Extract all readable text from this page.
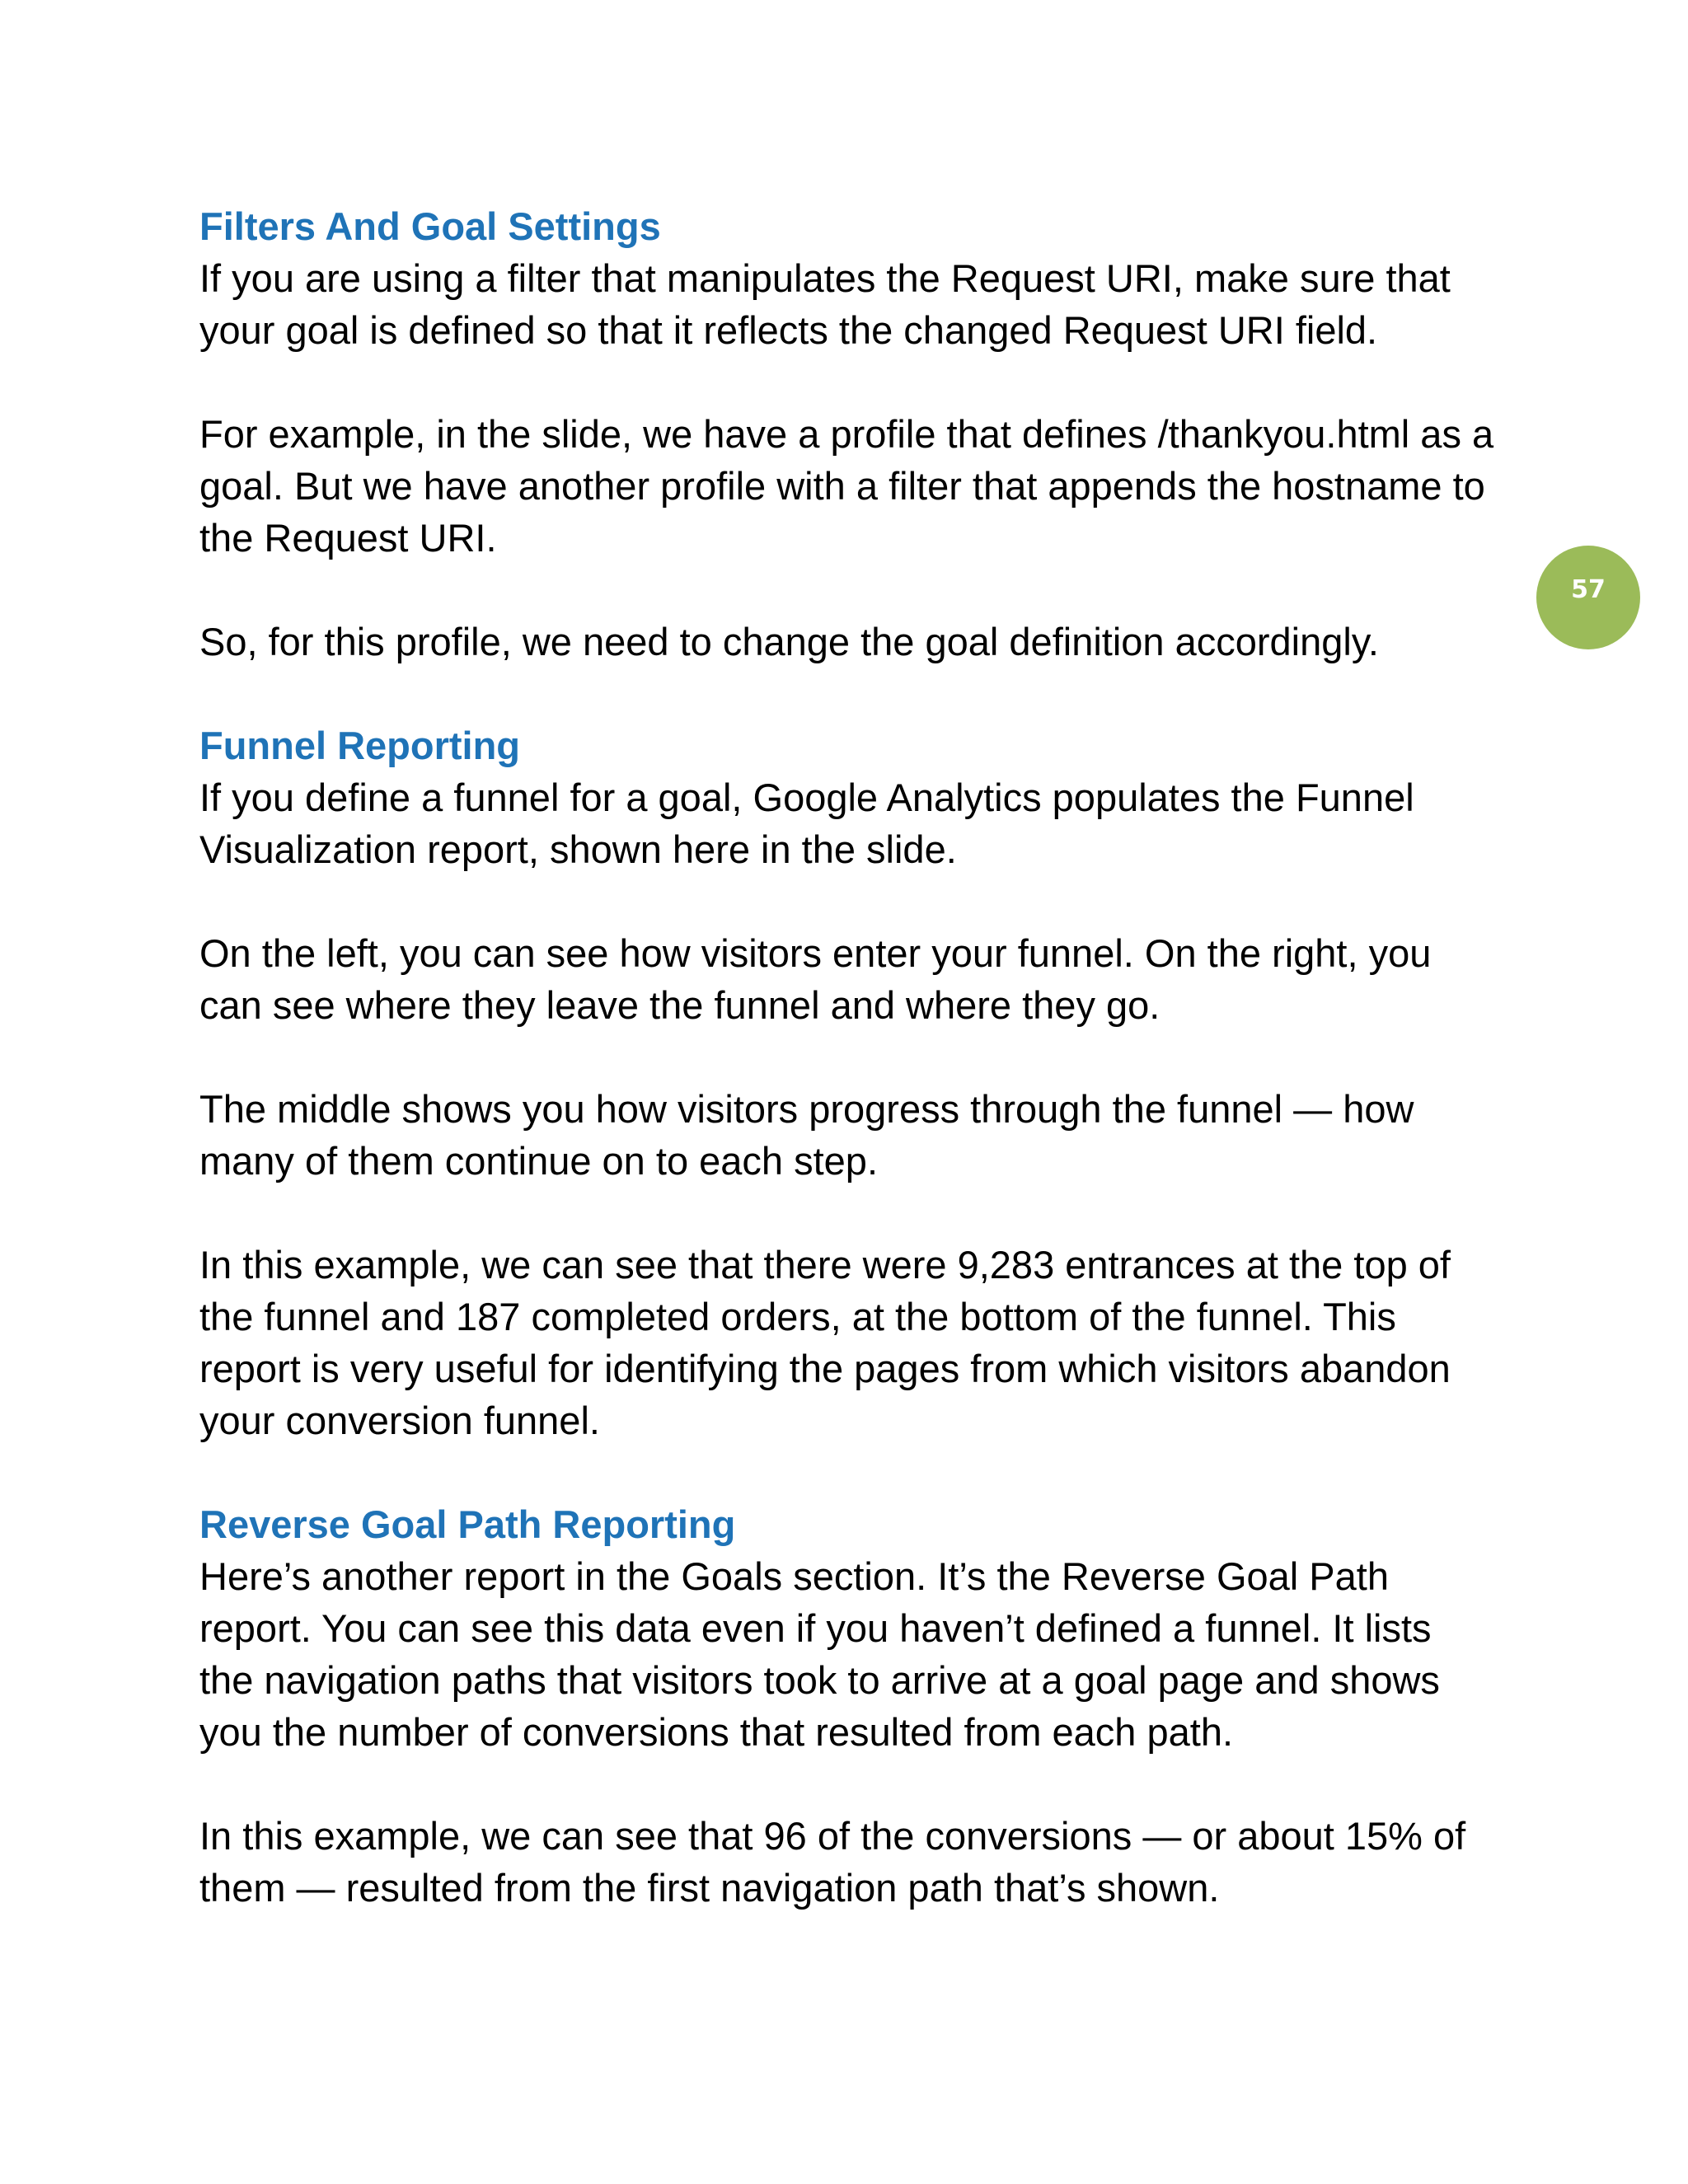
57
Filters And Goal Settings

If you are using a filter that manipulates the Request URI, make sure that
your goal is defined so that it reflects the changed Request URI field.

For example, in the slide, we have a profile that defines /thankyou.html as a
goal. But we have another profile with a filter that appends the hostname to
the Request URI.

So, for this profile, we need to change the goal definition accordingly.

Funnel Reporting

If you define a funnel for a goal, Google Analytics populates the Funnel
Visualization report, shown here in the slide.

On the left, you can see how visitors enter your funnel. On the right, you
can see where they leave the funnel and where they go.

The middle shows you how visitors progress through the funnel — how
many of them continue on to each step.

In this example, we can see that there were 9,283 entrances at the top of
the funnel and 187 completed orders, at the bottom of the funnel. This
report is very useful for identifying the pages from which visitors abandon
your conversion funnel.

Reverse Goal Path Reporting

Here’s another report in the Goals section. It’s the Reverse Goal Path
report. You can see this data even if you haven’t defined a funnel. It lists
the navigation paths that visitors took to arrive at a goal page and shows
you the number of conversions that resulted from each path.

In this example, we can see that 96 of the conversions — or about 15% of
them — resulted from the first navigation path that’s shown.
